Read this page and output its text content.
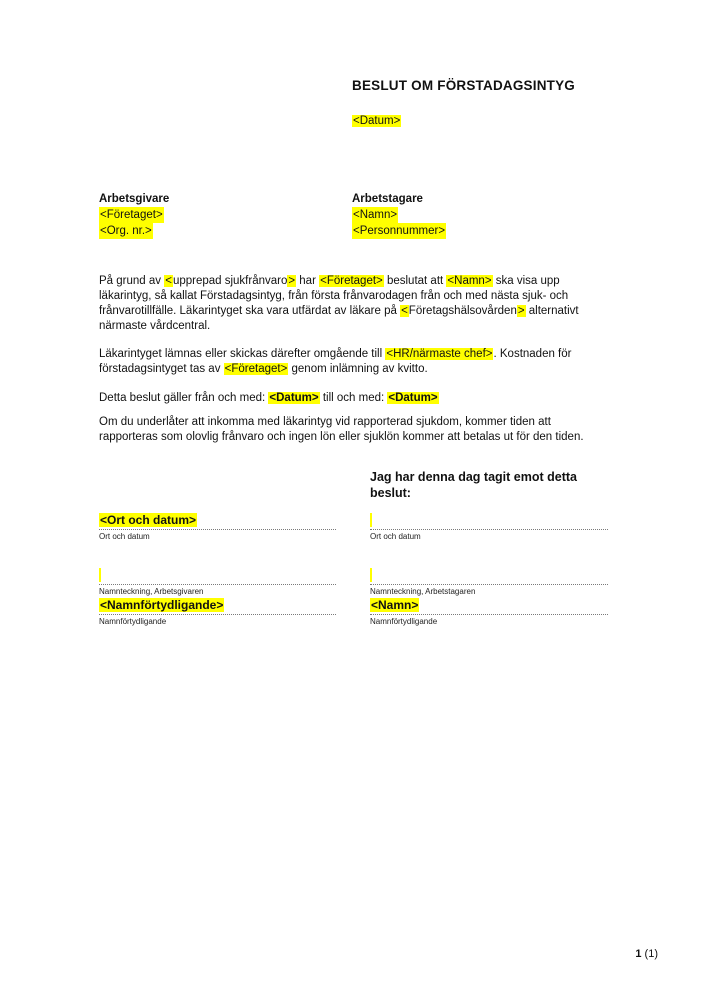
BESLUT OM FÖRSTADAGSINTYG
<Datum>
Arbetsgivare
<Företaget>
<Org. nr.>
Arbetstagare
<Namn>
<Personnummer>
På grund av <upprepad sjukfrånvaro> har <Företaget> beslutat att <Namn> ska visa upp läkarintyg, så kallat Förstadagsintyg, från första frånvarodagen från och med nästa sjuk- och frånvarotillfälle. Läkarintyget ska vara utfärdat av läkare på <Företagshälsovården> alternativt närmaste vårdcentral.
Läkarintyget lämnas eller skickas därefter omgående till <HR/närmaste chef>. Kostnaden för förstadagsintyget tas av <Företaget> genom inlämning av kvitto.
Detta beslut gäller från och med: <Datum> till och med: <Datum>
Om du underlåter att inkomma med läkarintyg vid rapporterad sjukdom, kommer tiden att rapporteras som olovlig frånvaro och ingen lön eller sjuklön kommer att betalas ut för den tiden.
Jag har denna dag tagit emot detta beslut:
<Ort och datum>
Ort och datum
Namnteckning, Arbetsgivaren
<Namnförtydligande>
Namnförtydligande
Ort och datum
Namnteckning, Arbetstagaren
<Namn>
Namnförtydligande
1 (1)
